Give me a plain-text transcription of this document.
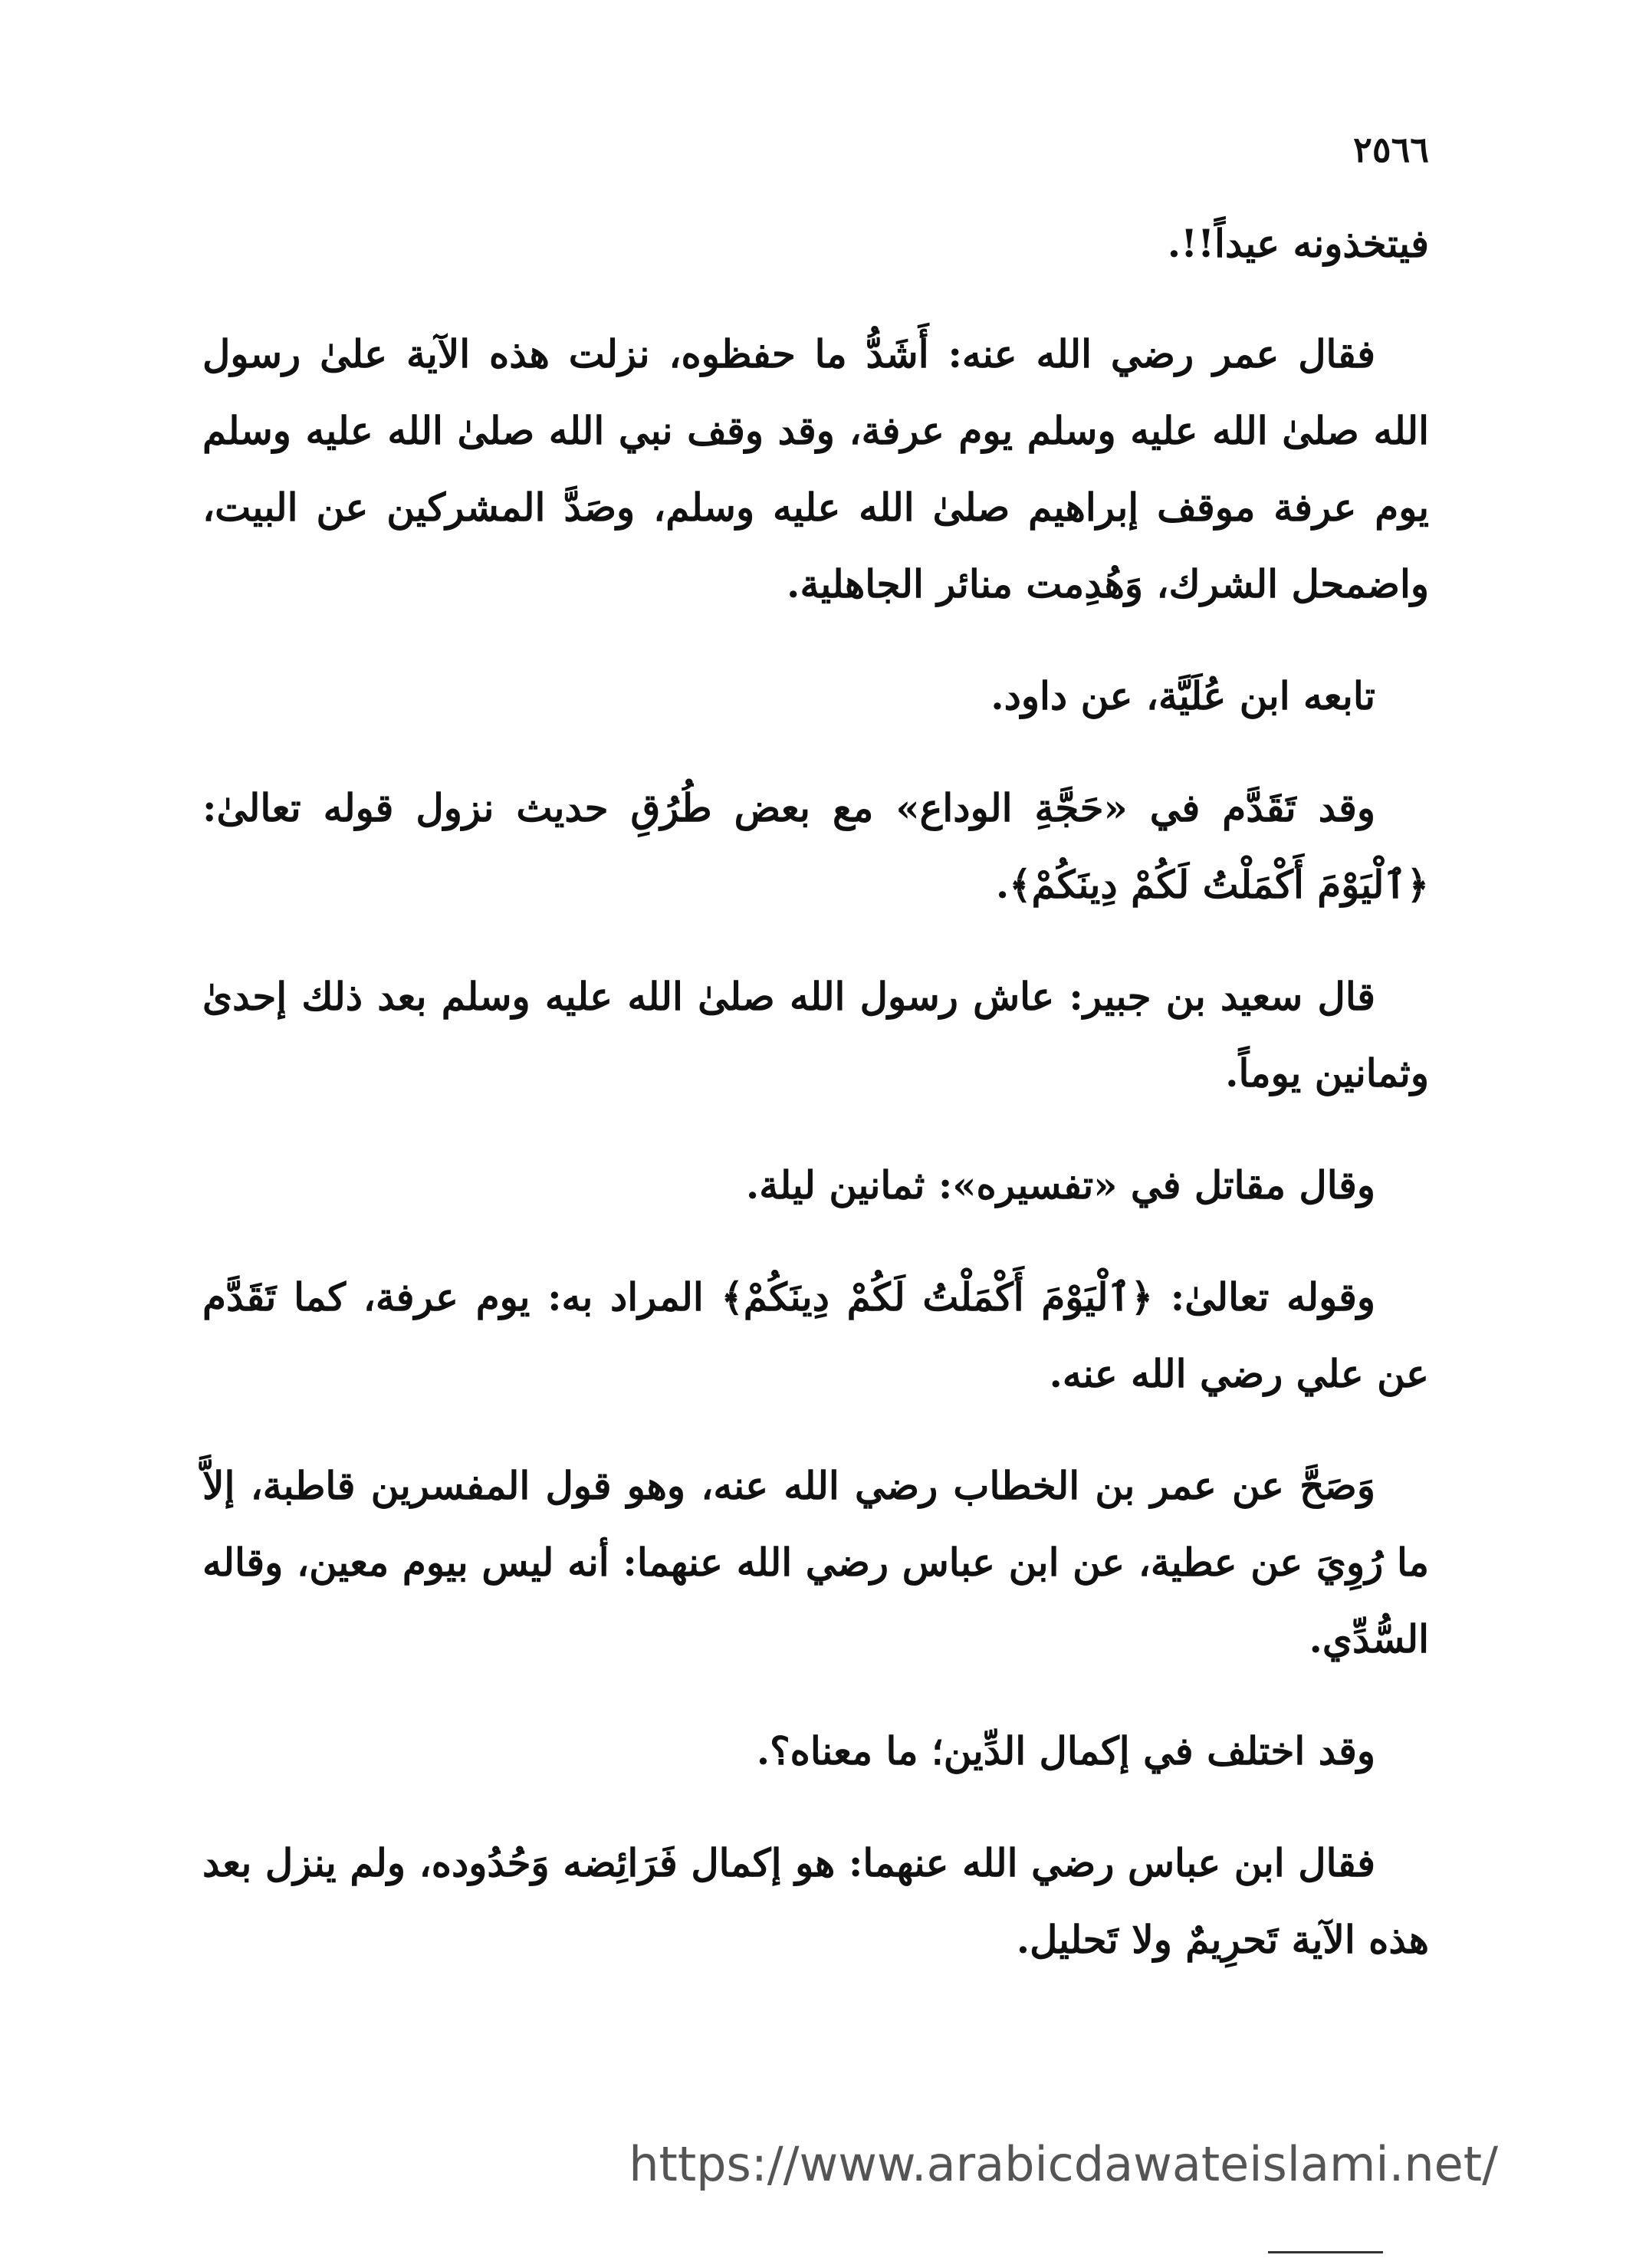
٢٥٦٦

فيتخذونه عيداً!!.

فقال عمر رضي الله عنه: أَشَدُّ ما حفظوه، نزلت هذه الآية علىٰ رسول الله صلىٰ الله عليه وسلم يوم عرفة، وقد وقف نبي الله صلىٰ الله عليه وسلم يوم عرفة موقف إبراهيم صلىٰ الله عليه وسلم، وصَدَّ المشركين عن البيت، واضمحل الشرك، وَهُدِمت منائر الجاهلية.

تابعه ابن عُلَيَّة، عن داود.

وقد تَقَدَّم في «حَجَّةِ الوداع» مع بعض طُرُقِ حديث نزول قوله تعالىٰ: ﴿ٱلْيَوْمَ أَكْمَلْتُ لَكُمْ دِينَكُمْ﴾.

قال سعيد بن جبير: عاش رسول الله صلىٰ الله عليه وسلم بعد ذلك إحدىٰ وثمانين يوماً.

وقال مقاتل في «تفسيره»: ثمانين ليلة.

وقوله تعالىٰ: ﴿ٱلْيَوْمَ أَكْمَلْتُ لَكُمْ دِينَكُمْ﴾ المراد به: يوم عرفة، كما تَقَدَّم عن علي رضي الله عنه.

وَصَحَّ عن عمر بن الخطاب رضي الله عنه، وهو قول المفسرين قاطبة، إلاَّ ما رُوِيَ عن عطية، عن ابن عباس رضي الله عنهما: أنه ليس بيوم معين، وقاله السُّدِّي.

وقد اختلف في إكمال الدِّين؛ ما معناه؟.

فقال ابن عباس رضي الله عنهما: هو إكمال فَرَائِضه وَحُدُوده، ولم ينزل بعد هذه الآية تَحرِيمٌ ولا تَحليل.

https://www.arabicdawateislami.net/
